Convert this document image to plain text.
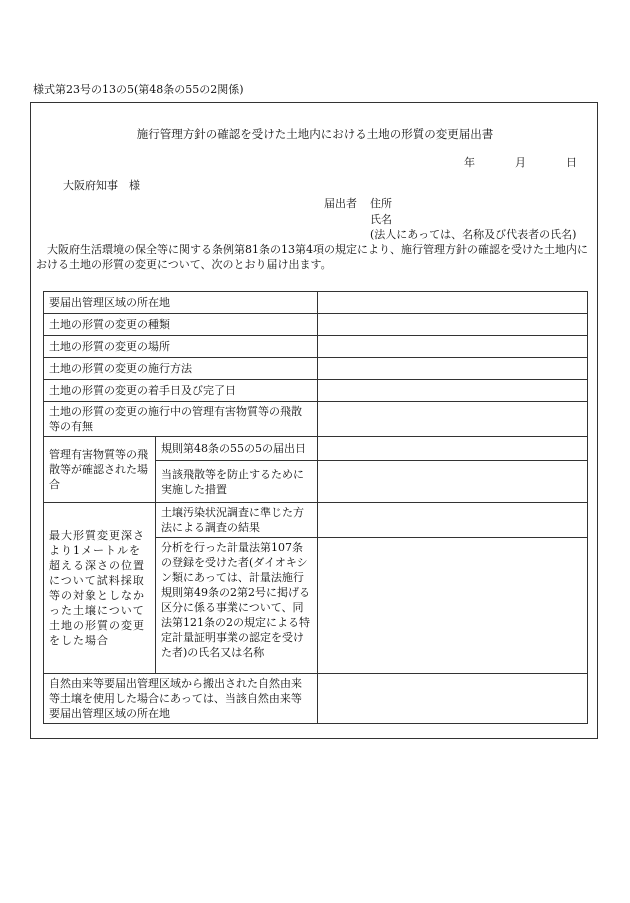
様式第23号の13の5(第48条の55の2関係)
施行管理方針の確認を受けた土地内における土地の形質の変更届出書
年	月	日
大阪府知事　様
届出者	住所
氏名
(法人にあっては、名称及び代表者の氏名)
大阪府生活環境の保全等に関する条例第81条の13第4項の規定により、施行管理方針の確認を受けた土地内における土地の形質の変更について、次のとおり届け出ます。
要届出管理区域の所在地		
土地の形質の変更の種類		
土地の形質の変更の場所		
土地の形質の変更の施行方法		
土地の形質の変更の着手日及び完了日		
土地の形質の変更の施行中の管理有害物質等の飛散等の有無		
管理有害物質等の飛散等が確認された場合	規則第48条の55の5の届出日	
	当該飛散等を防止するために実施した措置	
最大形質変更深さより1メートルを超える深さの位置について試料採取等の対象としなかった土壌について土地の形質の変更をした場合	土壌汚染状況調査に準じた方法による調査の結果	
	分析を行った計量法第107条の登録を受けた者(ダイオキシン類にあっては、計量法施行規則第49条の2第2号に掲げる区分に係る事業について、同法第121条の2の規定による特定計量証明事業の認定を受けた者)の氏名又は名称	
自然由来等要届出管理区域から搬出された自然由来等土壌を使用した場合にあっては、当該自然由来等要届出管理区域の所在地		
